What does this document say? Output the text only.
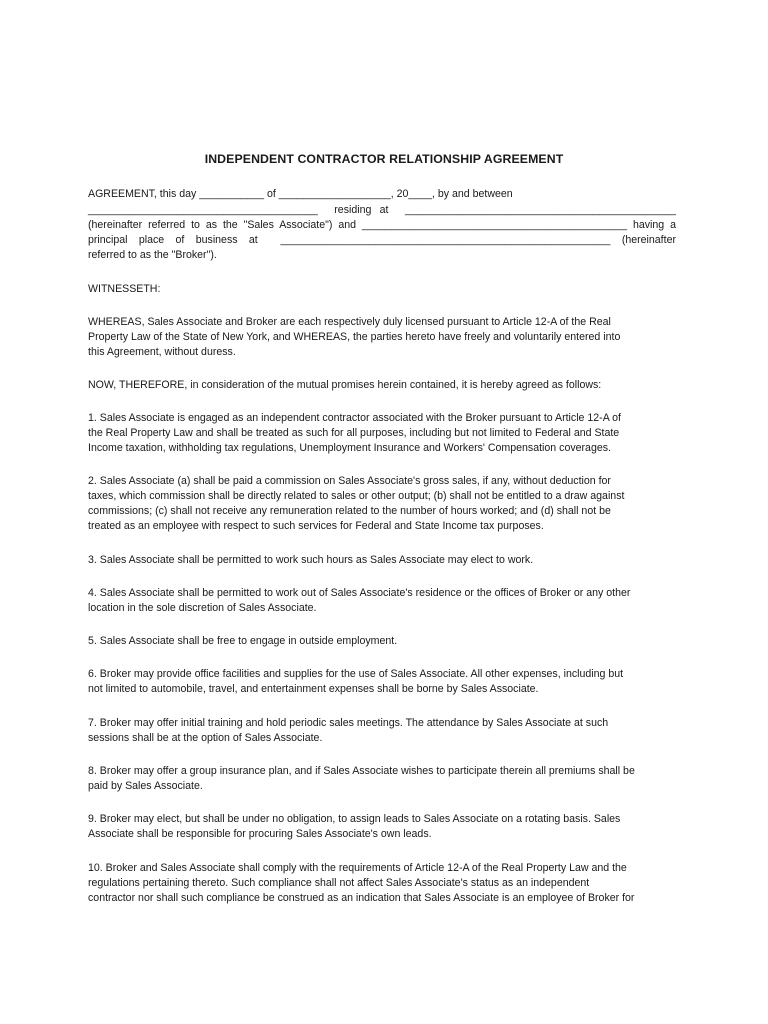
INDEPENDENT CONTRACTOR RELATIONSHIP AGREEMENT

AGREEMENT, this day ___________ of ___________________, 20____, by and between

_______________________________________  residing at  ______________________________________________

(hereinafter referred to as the "Sales Associate") and _____________________________________________ having a

principal place of business at  ________________________________________________________ (hereinafter

referred to as the "Broker").

WITNESSETH:

WHEREAS, Sales Associate and Broker are each respectively duly licensed pursuant to Article 12-A of the Real

Property Law of the State of New York, and WHEREAS, the parties hereto have freely and voluntarily entered into

this Agreement, without duress.

NOW, THEREFORE, in consideration of the mutual promises herein contained, it is hereby agreed as follows:

1. Sales Associate is engaged as an independent contractor associated with the Broker pursuant to Article 12-A of

the Real Property Law and shall be treated as such for all purposes, including but not limited to Federal and State

Income taxation, withholding tax regulations, Unemployment Insurance and Workers' Compensation coverages.

2. Sales Associate (a) shall be paid a commission on Sales Associate's gross sales, if any, without deduction for

taxes, which commission shall be directly related to sales or other output; (b) shall not be entitled to a draw against

commissions; (c) shall not receive any remuneration related to the number of hours worked; and (d) shall not be

treated as an employee with respect to such services for Federal and State Income tax purposes.

3. Sales Associate shall be permitted to work such hours as Sales Associate may elect to work.

4. Sales Associate shall be permitted to work out of Sales Associate's residence or the offices of Broker or any other

location in the sole discretion of Sales Associate.

5. Sales Associate shall be free to engage in outside employment.

6. Broker may provide office facilities and supplies for the use of Sales Associate. All other expenses, including but

not limited to automobile, travel, and entertainment expenses shall be borne by Sales Associate.

7. Broker may offer initial training and hold periodic sales meetings. The attendance by Sales Associate at such

sessions shall be at the option of Sales Associate.

8. Broker may offer a group insurance plan, and if Sales Associate wishes to participate therein all premiums shall be

paid by Sales Associate.

9. Broker may elect, but shall be under no obligation, to assign leads to Sales Associate on a rotating basis. Sales

Associate shall be responsible for procuring Sales Associate's own leads.

10. Broker and Sales Associate shall comply with the requirements of Article 12-A of the Real Property Law and the

regulations pertaining thereto. Such compliance shall not affect Sales Associate's status as an independent

contractor nor shall such compliance be construed as an indication that Sales Associate is an employee of Broker for
